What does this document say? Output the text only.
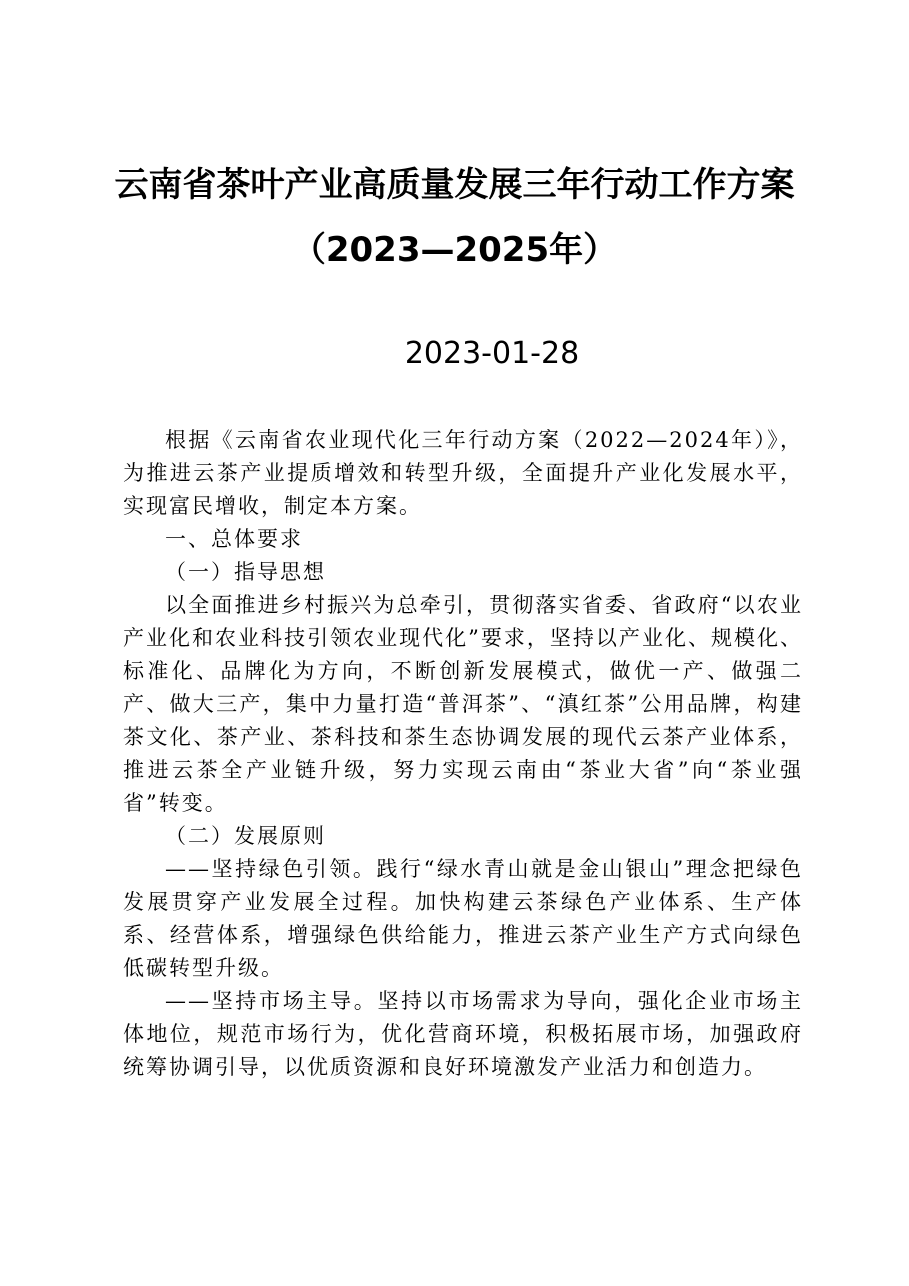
云南省茶叶产业高质量发展三年行动工作方案
（2023—2025年）
2023-01-28

根据《云南省农业现代化三年行动方案（2022—2024年）》，为推进云茶产业提质增效和转型升级，全面提升产业化发展水平，实现富民增收，制定本方案。

一、总体要求

（一）指导思想

以全面推进乡村振兴为总牵引，贯彻落实省委、省政府“以农业产业化和农业科技引领农业现代化”要求，坚持以产业化、规模化、标准化、品牌化为方向，不断创新发展模式，做优一产、做强二产、做大三产，集中力量打造“普洱茶”、“滇红茶”公用品牌，构建茶文化、茶产业、茶科技和茶生态协调发展的现代云茶产业体系，推进云茶全产业链升级，努力实现云南由“茶业大省”向“茶业强省”转变。

（二）发展原则

——坚持绿色引领。践行“绿水青山就是金山银山”理念把绿色发展贯穿产业发展全过程。加快构建云茶绿色产业体系、生产体系、经营体系，增强绿色供给能力，推进云茶产业生产方式向绿色低碳转型升级。

——坚持市场主导。坚持以市场需求为导向，强化企业市场主体地位，规范市场行为，优化营商环境，积极拓展市场，加强政府统筹协调引导，以优质资源和良好环境激发产业活力和创造力。
